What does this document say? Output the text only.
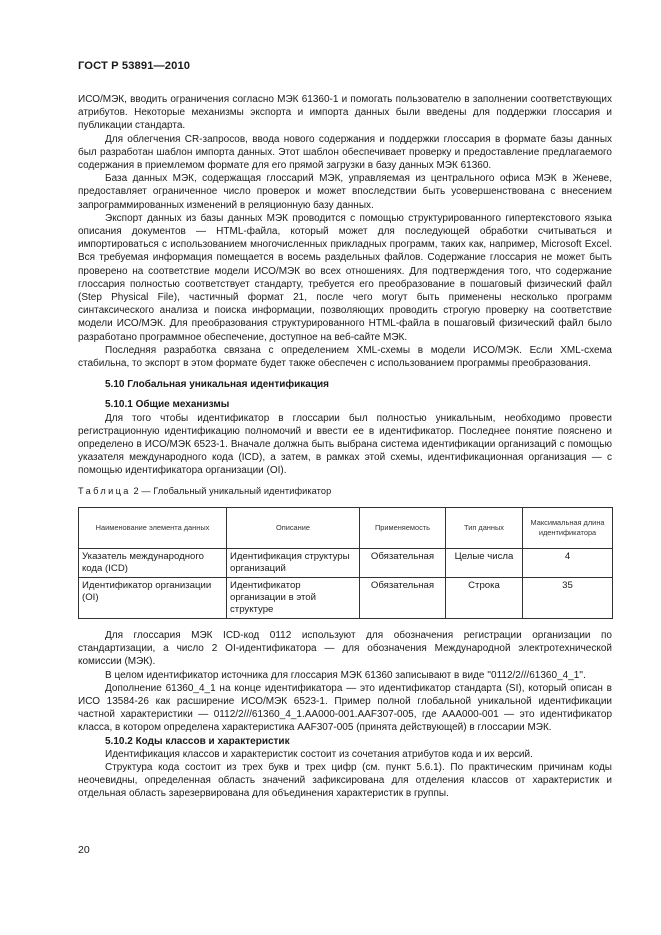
ГОСТ Р 53891—2010

ИСО/МЭК, вводить ограничения согласно МЭК 61360-1 и помогать пользователю в заполнении соответствующих атрибутов. Некоторые механизмы экспорта и импорта данных были введены для поддержки глоссария и публикации стандарта.

Для облегчения CR-запросов, ввода нового содержания и поддержки глоссария в формате базы данных был разработан шаблон импорта данных. Этот шаблон обеспечивает проверку и предоставление предлагаемого содержания в приемлемом формате для его прямой загрузки в базу данных МЭК 61360.

База данных МЭК, содержащая глоссарий МЭК, управляемая из центрального офиса МЭК в Женеве, предоставляет ограниченное число проверок и может впоследствии быть усовершенствована с внесением запрограммированных изменений в реляционную базу данных.

Экспорт данных из базы данных МЭК проводится с помощью структурированного гипертекстового языка описания документов — HTML-файла, который может для последующей обработки считываться и импортироваться с использованием многочисленных прикладных программ, таких как, например, Microsoft Excel. Вся требуемая информация помещается в восемь раздельных файлов. Содержание глоссария не может быть проверено на соответствие модели ИСО/МЭК во всех отношениях. Для подтверждения того, что содержание глоссария полностью соответствует стандарту, требуется его преобразование в пошаговый физический файл (Step Physical File), частичный формат 21, после чего могут быть применены несколько программ синтаксического анализа и поиска информации, позволяющих проводить строгую проверку на соответствие модели ИСО/МЭК. Для преобразования структурированного HTML-файла в пошаговый физический файл было разработано программное обеспечение, доступное на веб-сайте МЭК.

Последняя разработка связана с определением XML-схемы в модели ИСО/МЭК. Если XML-схема стабильна, то экспорт в этом формате будет также обеспечен с использованием программы преобразования.

5.10 Глобальная уникальная идентификация

5.10.1 Общие механизмы

Для того чтобы идентификатор в глоссарии был полностью уникальным, необходимо провести регистрационную идентификацию полномочий и ввести ее в идентификатор. Последнее понятие пояснено и определено в ИСО/МЭК 6523-1. Вначале должна быть выбрана система идентификации организаций с помощью указателя международного кода (ICD), а затем, в рамках этой схемы, идентификационная организация — с помощью идентификатора организации (OI).

Таблица 2 — Глобальный уникальный идентификатор

Наименование элемента данных	Описание	Применяемость	Тип данных	Максимальная длина идентификатора
Указатель международного кода (ICD)	Идентификация структуры организаций	Обязательная	Целые числа	4
Идентификатор организации (OI)	Идентификатор организации в этой структуре	Обязательная	Строка	35

Для глоссария МЭК ICD-код 0112 используют для обозначения регистрации организации по стандартизации, а число 2 OI-идентификатора — для обозначения Международной электротехнической комиссии (МЭК).

В целом идентификатор источника для глоссария МЭК 61360 записывают в виде ''0112/2///61360_4_1''.

Дополнение 61360_4_1 на конце идентификатора — это идентификатор стандарта (SI), который описан в ИСО 13584-26 как расширение ИСО/МЭК 6523-1. Пример полной глобальной уникальной идентификации частной характеристики — 0112/2///61360_4_1.AA000-001.AAF307-005, где AAA000-001 — это идентификатор класса, в котором определена характеристика AAF307-005 (принята действующей) в глоссарии МЭК.

5.10.2 Коды классов и характеристик

Идентификация классов и характеристик состоит из сочетания атрибутов кода и их версий.

Структура кода состоит из трех букв и трех цифр (см. пункт 5.6.1). По практическим причинам коды неочевидны, определенная область значений зафиксирована для отделения классов от характеристик и отдельная область зарезервирована для объединения характеристик в группы.

20
